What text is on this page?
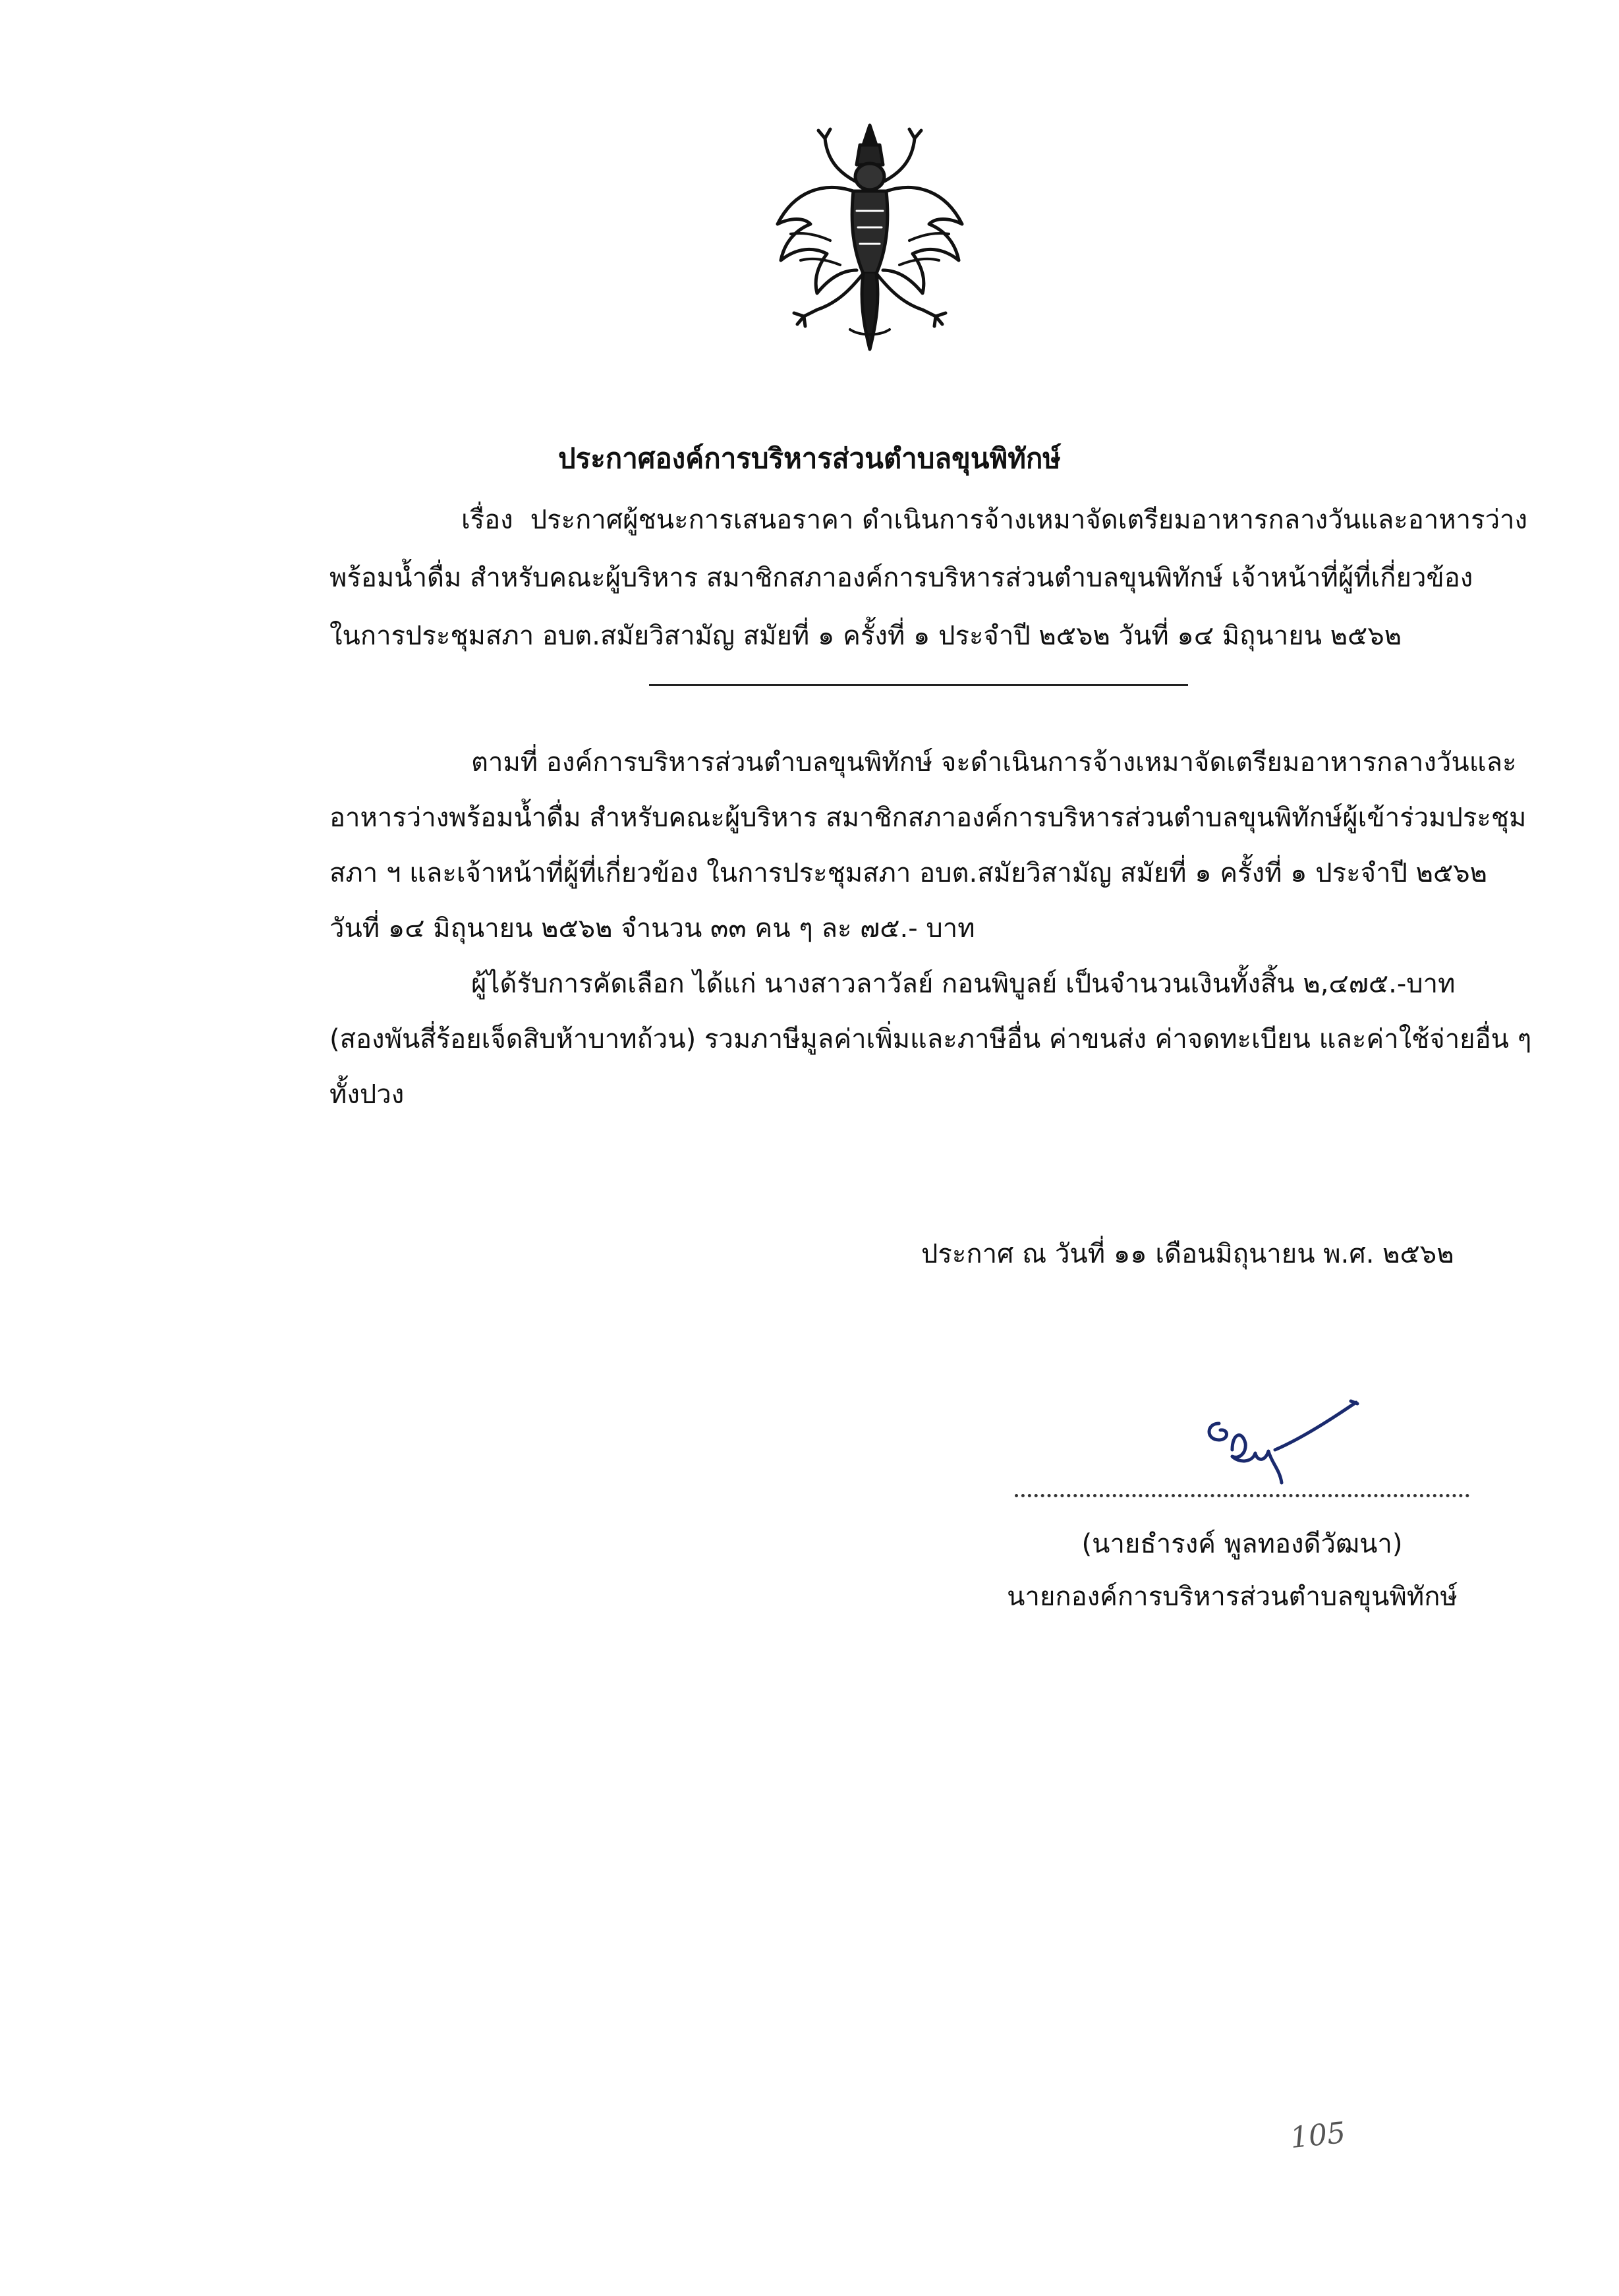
ประกาศองค์การบริหารส่วนตำบลขุนพิทักษ์
เรื่อง ประกาศผู้ชนะการเสนอราคา ดำเนินการจ้างเหมาจัดเตรียมอาหารกลางวันและอาหารว่าง
พร้อมน้ำดื่ม สำหรับคณะผู้บริหาร สมาชิกสภาองค์การบริหารส่วนตำบลขุนพิทักษ์ เจ้าหน้าที่ผู้ที่เกี่ยวข้อง
ในการประชุมสภา อบต.สมัยวิสามัญ สมัยที่ ๑ ครั้งที่ ๑ ประจำปี ๒๕๖๒ วันที่ ๑๔ มิถุนายน ๒๕๖๒
ตามที่ องค์การบริหารส่วนตำบลขุนพิทักษ์ จะดำเนินการจ้างเหมาจัดเตรียมอาหารกลางวันและ
อาหารว่างพร้อมน้ำดื่ม สำหรับคณะผู้บริหาร สมาชิกสภาองค์การบริหารส่วนตำบลขุนพิทักษ์ผู้เข้าร่วมประชุม
สภา ฯ และเจ้าหน้าที่ผู้ที่เกี่ยวข้อง ในการประชุมสภา อบต.สมัยวิสามัญ สมัยที่ ๑ ครั้งที่ ๑ ประจำปี ๒๕๖๒
วันที่ ๑๔ มิถุนายน ๒๕๖๒ จำนวน ๓๓ คน ๆ ละ ๗๕.- บาท
ผู้ได้รับการคัดเลือก ได้แก่ นางสาวลาวัลย์ กอนพิบูลย์ เป็นจำนวนเงินทั้งสิ้น ๒,๔๗๕.-บาท
(สองพันสี่ร้อยเจ็ดสิบห้าบาทถ้วน) รวมภาษีมูลค่าเพิ่มและภาษีอื่น ค่าขนส่ง ค่าจดทะเบียน และค่าใช้จ่ายอื่น ๆ
ทั้งปวง
ประกาศ ณ วันที่ ๑๑ เดือนมิถุนายน พ.ศ. ๒๕๖๒
(นายธำรงค์ พูลทองดีวัฒนา)
นายกองค์การบริหารส่วนตำบลขุนพิทักษ์
105
